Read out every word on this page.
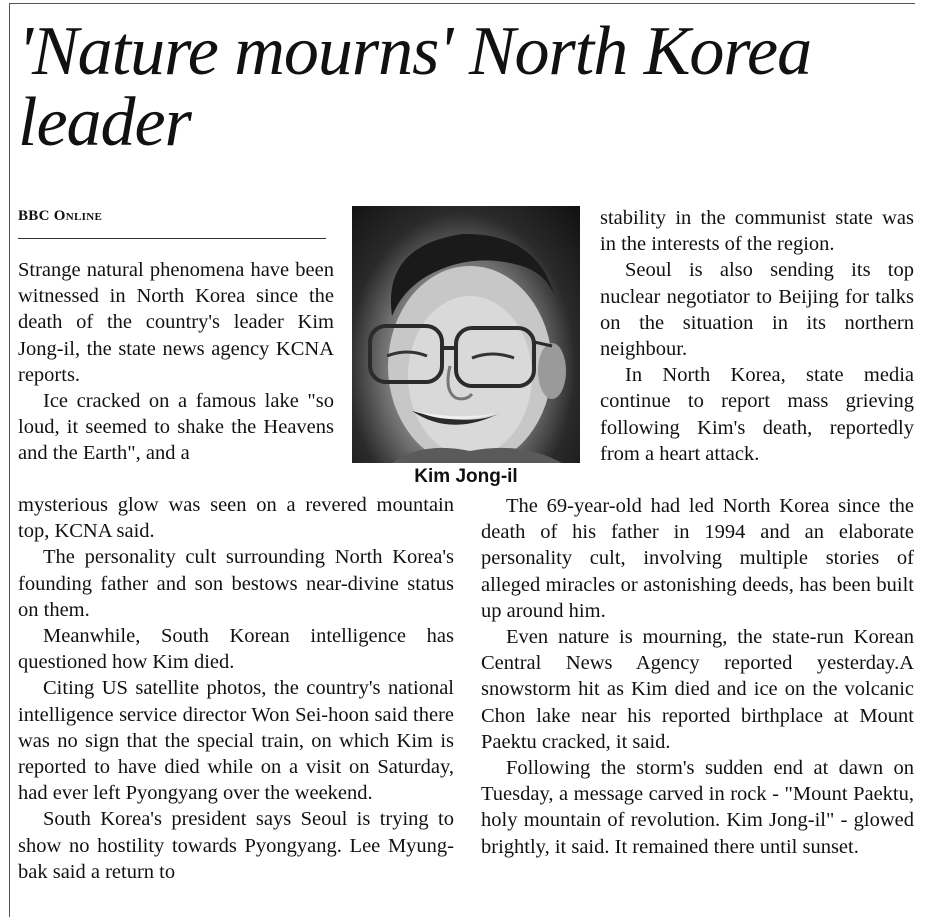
'Nature mourns' North Korea leader
BBC Online

Strange natural phenomena have been witnessed in North Korea since the death of the country's leader Kim Jong-il, the state news agency KCNA reports.

Ice cracked on a famous lake "so loud, it seemed to shake the Heavens and the Earth", and a

mysterious glow was seen on a revered mountain top, KCNA said.

The personality cult surrounding North Korea's founding father and son bestows near-divine status on them.

Meanwhile, South Korean intelligence has questioned how Kim died.

Citing US satellite photos, the country's national intelligence service director Won Sei-hoon said there was no sign that the special train, on which Kim is reported to have died while on a visit on Saturday, had ever left Pyongyang over the weekend.

South Korea's president says Seoul is trying to show no hostility towards Pyongyang. Lee Myung-bak said a return to

Kim Jong-il

stability in the communist state was in the interests of the region.

Seoul is also sending its top nuclear negotiator to Beijing for talks on the situation in its northern neighbour.

In North Korea, state media continue to report mass grieving following Kim's death, reportedly from a heart attack.

The 69-year-old had led North Korea since the death of his father in 1994 and an elaborate personality cult, involving multiple stories of alleged miracles or astonishing deeds, has been built up around him.

Even nature is mourning, the state-run Korean Central News Agency reported yesterday.A snowstorm hit as Kim died and ice on the volcanic Chon lake near his reported birthplace at Mount Paektu cracked, it said.

Following the storm's sudden end at dawn on Tuesday, a message carved in rock - "Mount Paektu, holy mountain of revolution. Kim Jong-il" - glowed brightly, it said. It remained there until sunset.
